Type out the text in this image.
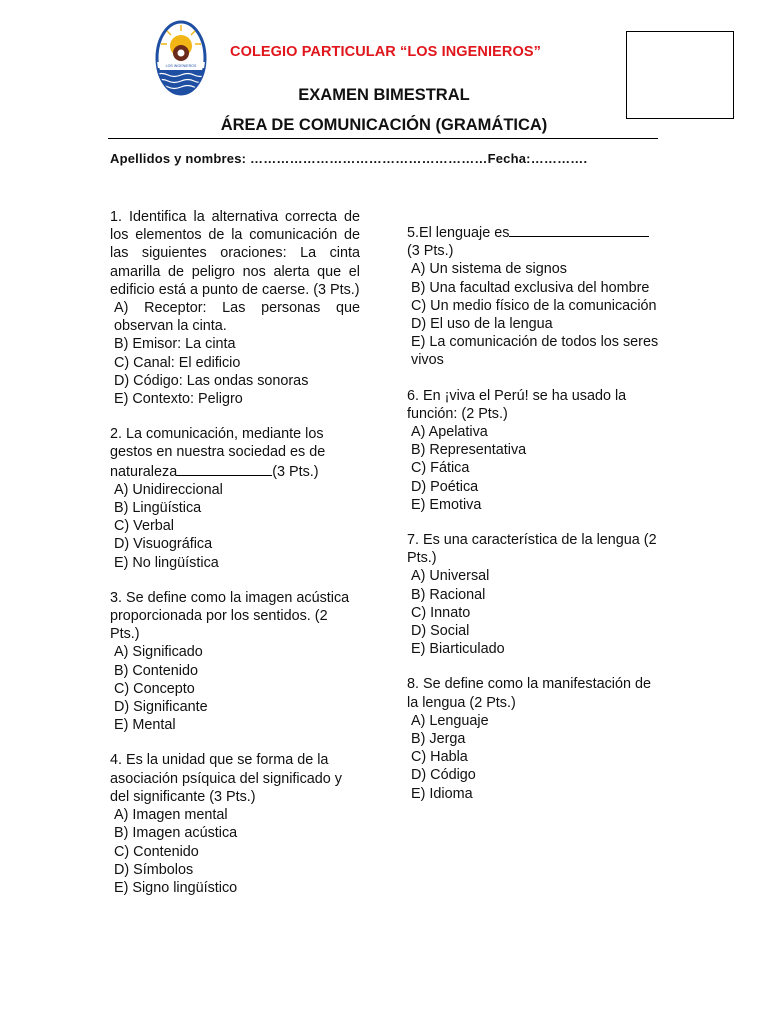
LOS INGENIEROS
COLEGIO PARTICULAR “LOS INGENIEROS”
EXAMEN BIMESTRAL
ÁREA DE COMUNICACIÓN (GRAMÁTICA)
Apellidos y nombres: ………………………………………………Fecha:………….

1. Identifica la alternativa correcta de los elementos de la comunicación de las siguientes oraciones: La cinta amarilla de peligro nos alerta que el edificio está a punto de caerse. (3 Pts.)

A) Receptor: Las personas que observan la cinta.

B) Emisor: La cinta

C) Canal: El edificio

D) Código: Las ondas sonoras

E) Contexto: Peligro

2. La comunicación, mediante los gestos en nuestra sociedad es de naturaleza	(3 Pts.)

A) Unidireccional

B) Lingüística

C) Verbal

D) Visuográfica

E) No lingüística

3. Se define como la imagen acústica proporcionada por los sentidos. (2 Pts.)

A) Significado

B) Contenido

C) Concepto

D) Significante

E) Mental

4. Es la unidad que se forma de la asociación psíquica del significado y del significante (3 Pts.)

A) Imagen mental

B) Imagen acústica

C) Contenido

D) Símbolos

E) Signo lingüístico

5.El lenguaje es(3 Pts.)

A) Un sistema de signos

B) Una facultad exclusiva del hombre

C) Un medio físico de la comunicación

D) El uso de la lengua

E) La comunicación de todos los seres vivos

6. En ¡viva el Perú! se ha usado la función: (2 Pts.)

A) Apelativa

B) Representativa

C) Fática

D) Poética

E) Emotiva

7. Es una característica de la lengua (2 Pts.)

A) Universal

B) Racional

C) Innato

D) Social

E) Biarticulado

8. Se define como la manifestación de la lengua (2 Pts.)

A) Lenguaje

B) Jerga

C) Habla

D) Código

E) Idioma
